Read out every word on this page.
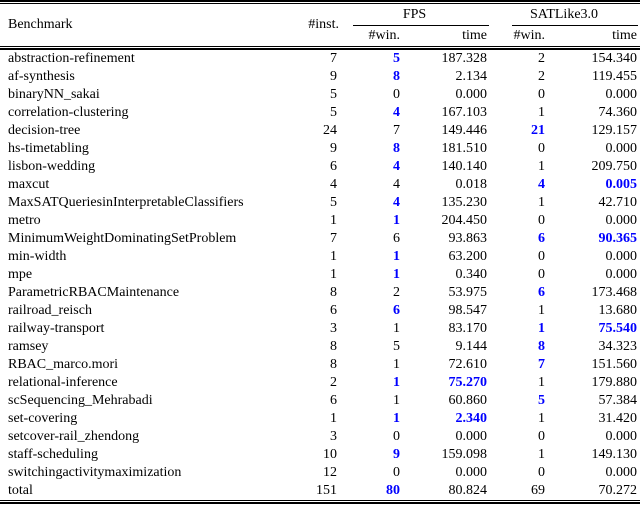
Benchmark	#inst.	FPS		SATLike3.0	

		#win.	time	#win.	time
abstraction-refinement	7	5	187.328	2	154.340
af-synthesis	9	8	2.134	2	119.455
binaryNN_sakai	5	0	0.000	0	0.000
correlation-clustering	5	4	167.103	1	74.360
decision-tree	24	7	149.446	21	129.157
hs-timetabling	9	8	181.510	0	0.000
lisbon-wedding	6	4	140.140	1	209.750
maxcut	4	4	0.018	4	0.005
MaxSATQueriesinInterpretableClassifiers	5	4	135.230	1	42.710
metro	1	1	204.450	0	0.000
MinimumWeightDominatingSetProblem	7	6	93.863	6	90.365
min-width	1	1	63.200	0	0.000
mpe	1	1	0.340	0	0.000
ParametricRBACMaintenance	8	2	53.975	6	173.468
railroad_reisch	6	6	98.547	1	13.680
railway-transport	3	1	83.170	1	75.540
ramsey	8	5	9.144	8	34.323
RBAC_marco.mori	8	1	72.610	7	151.560
relational-inference	2	1	75.270	1	179.880
scSequencing_Mehrabadi	6	1	60.860	5	57.384
set-covering	1	1	2.340	1	31.420
setcover-rail_zhendong	3	0	0.000	0	0.000
staff-scheduling	10	9	159.098	1	149.130
switchingactivitymaximization	12	0	0.000	0	0.000
total	151	80	80.824	69	70.272
